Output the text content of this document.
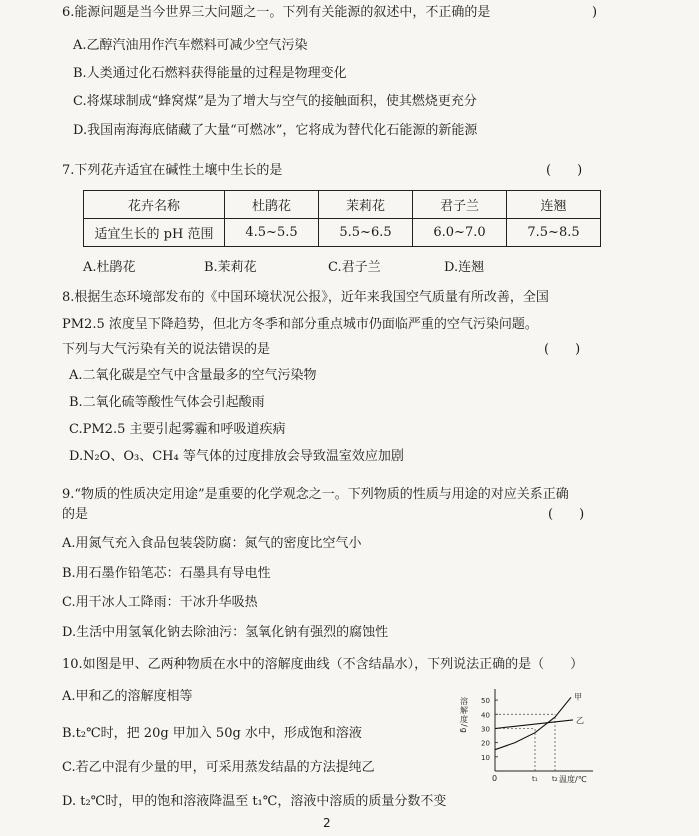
6.能源问题是当今世界三大问题之一。下列有关能源的叙述中，不正确的是	)
A.乙醇汽油用作汽车燃料可减少空气污染
B.人类通过化石燃料获得能量的过程是物理变化
C.将煤球制成“蜂窝煤”是为了增大与空气的接触面积，使其燃烧更充分
D.我国南海海底储藏了大量“可燃冰”，它将成为替代化石能源的新能源
7.下列花卉适宜在碱性土壤中生长的是	(　　)
花卉名称	杜鹃花	茉莉花	君子兰	连翘
适宜生长的 pH 范围	4.5~5.5	5.5~6.5	6.0~7.0	7.5~8.5
A.杜鹃花	B.茉莉花	C.君子兰	D.连翘
8.根据生态环境部发布的《中国环境状况公报》，近年来我国空气质量有所改善，全国
PM2.5 浓度呈下降趋势，但北方冬季和部分重点城市仍面临严重的空气污染问题。
下列与大气污染有关的说法错误的是	(　　)
A.二氧化碳是空气中含量最多的空气污染物
B.二氧化硫等酸性气体会引起酸雨
C.PM2.5 主要引起雾霾和呼吸道疾病
D.N₂O、O₃、CH₄ 等气体的过度排放会导致温室效应加剧
9.“物质的性质决定用途”是重要的化学观念之一。下列物质的性质与用途的对应关系正确
的是	(　　)
A.用氮气充入食品包装袋防腐：氮气的密度比空气小
B.用石墨作铅笔芯：石墨具有导电性
C.用干冰人工降雨：干冰升华吸热
D.生活中用氢氧化钠去除油污：氢氧化钠有强烈的腐蚀性
10.如图是甲、乙两种物质在水中的溶解度曲线（不含结晶水），下列说法正确的是（　　）
A.甲和乙的溶解度相等
B.t₂℃时，把 20g 甲加入 50g 水中，形成饱和溶液
C.若乙中混有少量的甲，可采用蒸发结晶的方法提纯乙
D. t₂℃时，甲的饱和溶液降温至 t₁℃，溶液中溶质的质量分数不变
溶解度/g 50
40
30
20
10
t₁ t₂
甲
乙
0	温度/℃
2
